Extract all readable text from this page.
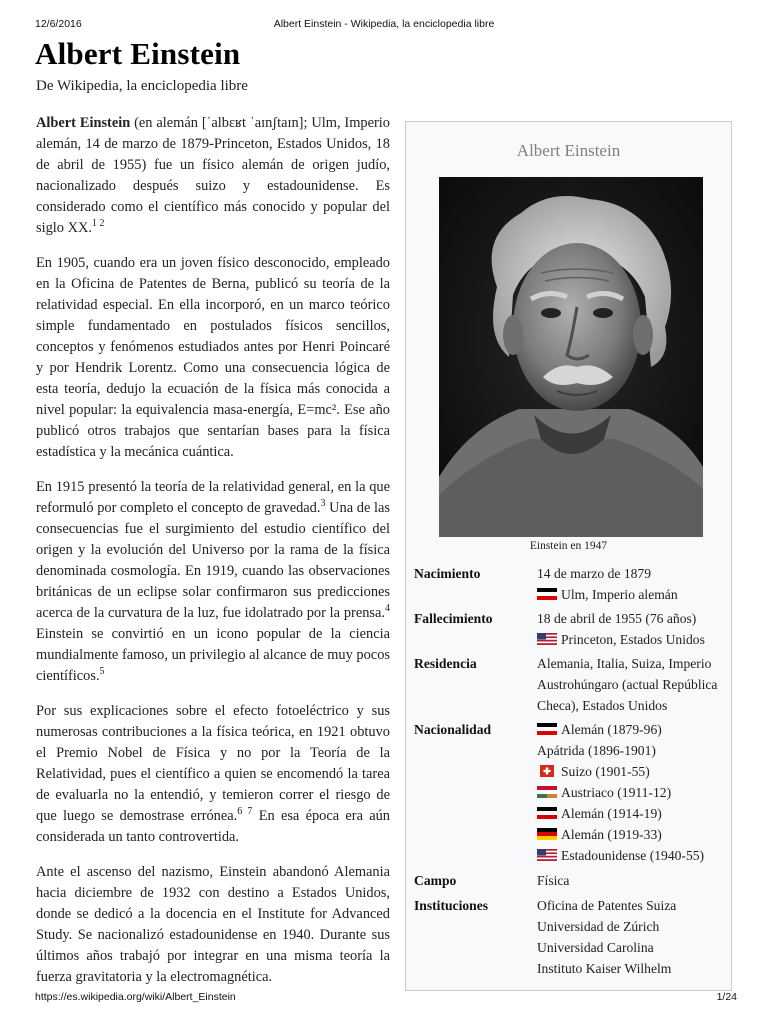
12/6/2016	Albert Einstein - Wikipedia, la enciclopedia libre
Albert Einstein
De Wikipedia, la enciclopedia libre

Albert Einstein (en alemán [ˈalbɛʁt ˈaɪnʃtaɪn]; Ulm, Imperio alemán, 14 de marzo de 1879-Princeton, Estados Unidos, 18 de abril de 1955) fue un físico alemán de origen judío, nacionalizado después suizo y estadounidense. Es considerado como el científico más conocido y popular del siglo XX.$^{1 2}$

En 1905, cuando era un joven físico desconocido, empleado en la Oficina de Patentes de Berna, publicó su teoría de la relatividad especial. En ella incorporó, en un marco teórico simple fundamentado en postulados físicos sencillos, conceptos y fenómenos estudiados antes por Henri Poincaré y por Hendrik Lorentz. Como una consecuencia lógica de esta teoría, dedujo la ecuación de la física más conocida a nivel popular: la equivalencia masa-energía, E=mc². Ese año publicó otros trabajos que sentarían bases para la física estadística y la mecánica cuántica.

En 1915 presentó la teoría de la relatividad general, en la que reformuló por completo el concepto de gravedad.$^3$ Una de las consecuencias fue el surgimiento del estudio científico del origen y la evolución del Universo por la rama de la física denominada cosmología. En 1919, cuando las observaciones británicas de un eclipse solar confirmaron sus predicciones acerca de la curvatura de la luz, fue idolatrado por la prensa.$^4$ Einstein se convirtió en un icono popular de la ciencia mundialmente famoso, un privilegio al alcance de muy pocos científicos.$^5$

Por sus explicaciones sobre el efecto fotoeléctrico y sus numerosas contribuciones a la física teórica, en 1921 obtuvo el Premio Nobel de Física y no por la Teoría de la Relatividad, pues el científico a quien se encomendó la tarea de evaluarla no la entendió, y temieron correr el riesgo de que luego se demostrase errónea.$^{6 7}$ En esa época era aún considerada un tanto controvertida.

Ante el ascenso del nazismo, Einstein abandonó Alemania hacia diciembre de 1932 con destino a Estados Unidos, donde se dedicó a la docencia en el Institute for Advanced Study. Se nacionalizó estadounidense en 1940. Durante sus últimos años trabajó por integrar en una misma teoría la fuerza gravitatoria y la electromagnética.

Albert Einstein
Einstein en 1947
Nacimiento	14 de marzo de 1879
Ulm, Imperio alemán
Fallecimiento	18 de abril de 1955 (76 años)
Princeton, Estados Unidos
Residencia	Alemania, Italia, Suiza, Imperio Austrohúngaro (actual República Checa), Estados Unidos
Nacionalidad	Alemán (1879-96)
Apátrida (1896-1901)
Suizo (1901-55)
Austriaco (1911-12)
Alemán (1914-19)
Alemán (1919-33)
Estadounidense (1940-55)
Campo	Física
Instituciones	Oficina de Patentes Suiza
Universidad de Zúrich
Universidad Carolina
Instituto Kaiser Wilhelm
https://es.wikipedia.org/wiki/Albert_Einstein	1/24
